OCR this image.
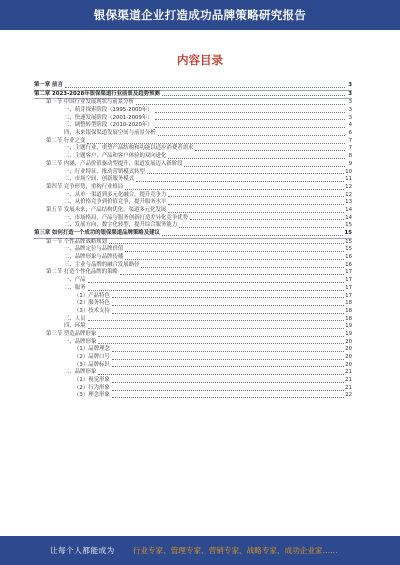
银保渠道企业打造成功品牌策略研究报告
内容目录
第一章 前言	3
第二章 2023-2028年银保渠道行业前景及趋势预测	3
第一节 中国行业发展现状与前景分析	3
一、萌芽探索阶段（1995-2000年）	3
二、快速发展阶段（2001-2009年）	3
三、调整转型阶段（2010-2020年）	4
四、未来银保渠道发展空间与前景分析	6
第二节 行业之变	7
一、主题行业，重塑产品结构和功能以适应消费者需求	7
二、主题客户，产品和客户体验的双向进化	8
第三节 内涵，产品价值驱动型提升，渠道发展迈入新阶段	9
一、行业特征，推动营销模式转型	10
二、市场空间，创新服务模式	11
第四节 竞争形势，重构行业格局	12
一、从单一渠道到多元化融合，提升竞争力	12
二、从价格竞争到价值竞争，提升服务水平	13
第五节 发展未来，产品结构优化，渠道多元化发展	14
一、市场格局，产品与服务创新打造差异化竞争优势	14
二、发展方向，数字化转型，提升综合服务能力	15
第三章 如何打造一个成功的银保渠道品牌策略及建议	15
第一节 个性品牌战略规划	15
一、品牌定位与品牌价值	15
二、品牌形象与品牌传播	16
三、主业与品牌的融合发展路径	16
第二节 打造个性化品牌的策略	17
一、产品	17
二、服务	17
（1）产品特色	17
（2）服务特色	18
（3）技术支持	18
三、人员	18
四、环境	19
第三节 塑造品牌形象	19
一、品牌形象	20
（1）品牌理念	20
（2）品牌口号	20
（3）品牌标识	20
二、品牌形象	21
（1）视觉形象	21
（2）行为形象	21
（3）理念形象	22
让每个人都能成为 行业专家、管理专家、营销专家、战略专家、成功企业家……
